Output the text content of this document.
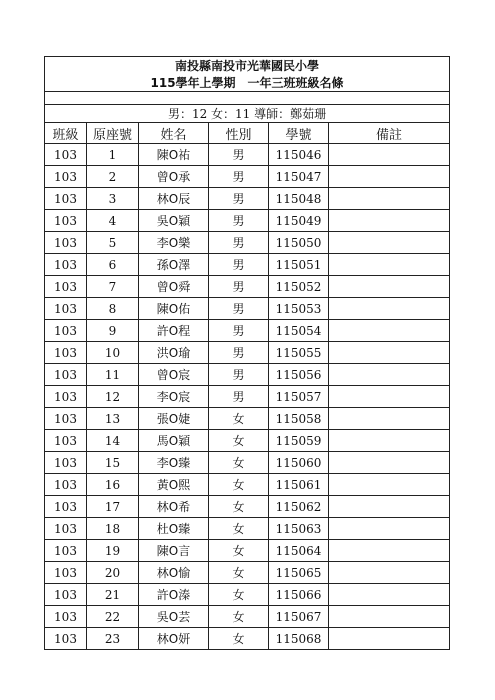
南投縣南投市光華國民小學					
115學年上學期　一年三班班級名條					

男：12 女：11 導師：鄭茹珊					
班級	原座號	姓名	性別	學號	備註
103	1	陳O祐	男	115046	
103	2	曾O承	男	115047	
103	3	林O辰	男	115048	
103	4	吳O穎	男	115049	
103	5	李O樂	男	115050	
103	6	孫O澤	男	115051	
103	7	曾O舜	男	115052	
103	8	陳O佑	男	115053	
103	9	許O程	男	115054	
103	10	洪O瑜	男	115055	
103	11	曾O宸	男	115056	
103	12	李O宸	男	115057	
103	13	張O婕	女	115058	
103	14	馬O穎	女	115059	
103	15	李O臻	女	115060	
103	16	黃O熙	女	115061	
103	17	林O希	女	115062	
103	18	杜O臻	女	115063	
103	19	陳O言	女	115064	
103	20	林O愉	女	115065	
103	21	許O溱	女	115066	
103	22	吳O芸	女	115067	
103	23	林O妍	女	115068	
